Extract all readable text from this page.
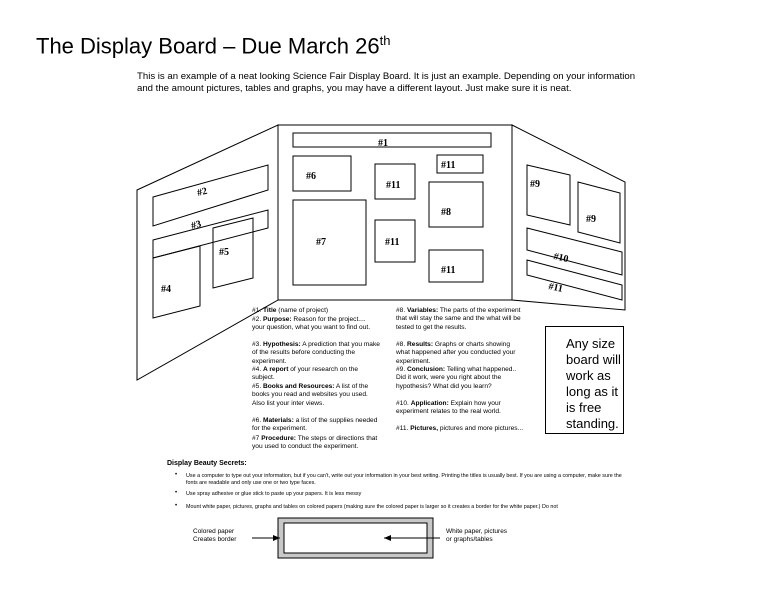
The Display Board – Due March 26th
This is an example of a neat looking Science Fair Display Board. It is just an example. Depending on your information and the amount pictures, tables and graphs, you may have a different layout. Just make sure it is neat.
#1
#2
#3
#4
#5
#6
#7
#8
#9
#9
#10
#11
#11
#11
#11
#11
#1. Title (name of project)
#2. Purpose: Reason for the project.... your question, what you want to find out.
#3. Hypothesis: A prediction that you make of the results before conducting the experiment.
#4. A report of your research on the subject.
#5. Books and Resources: A list of the books you read and websites you used. Also list your inter views.
#6. Materials: a list of the supplies needed for the experiment.
#7 Procedure: The steps or directions that you used to conduct the experiment.
#8. Variables: The parts of the experiment that will stay the same and the what will be tested to get the results.
#8. Results: Graphs or charts showing what happened after you conducted your experiment.
#9. Conclusion: Telling what happened.. Did it work, were you right about the hypothesis? What did you learn?
#10. Application: Explain how your experiment relates to the real world.
#11. Pictures, pictures and more pictures...
Any size board will work as long as it is free standing.
Display Beauty Secrets:
• Use a computer to type out your information, but if you can't, write out your information in your best writing. Printing the titles is usually best. If you are using a computer, make sure the fonts are readable and only use one or two type faces.
• Use spray adhesive or glue stick to paste up your papers. It is less messy
• Mount white paper, pictures, graphs and tables on colored papers (making sure the colored paper is larger so it creates a border for the white paper.) Do not
Colored paper
Creates border
White paper, pictures
or graphs/tables
